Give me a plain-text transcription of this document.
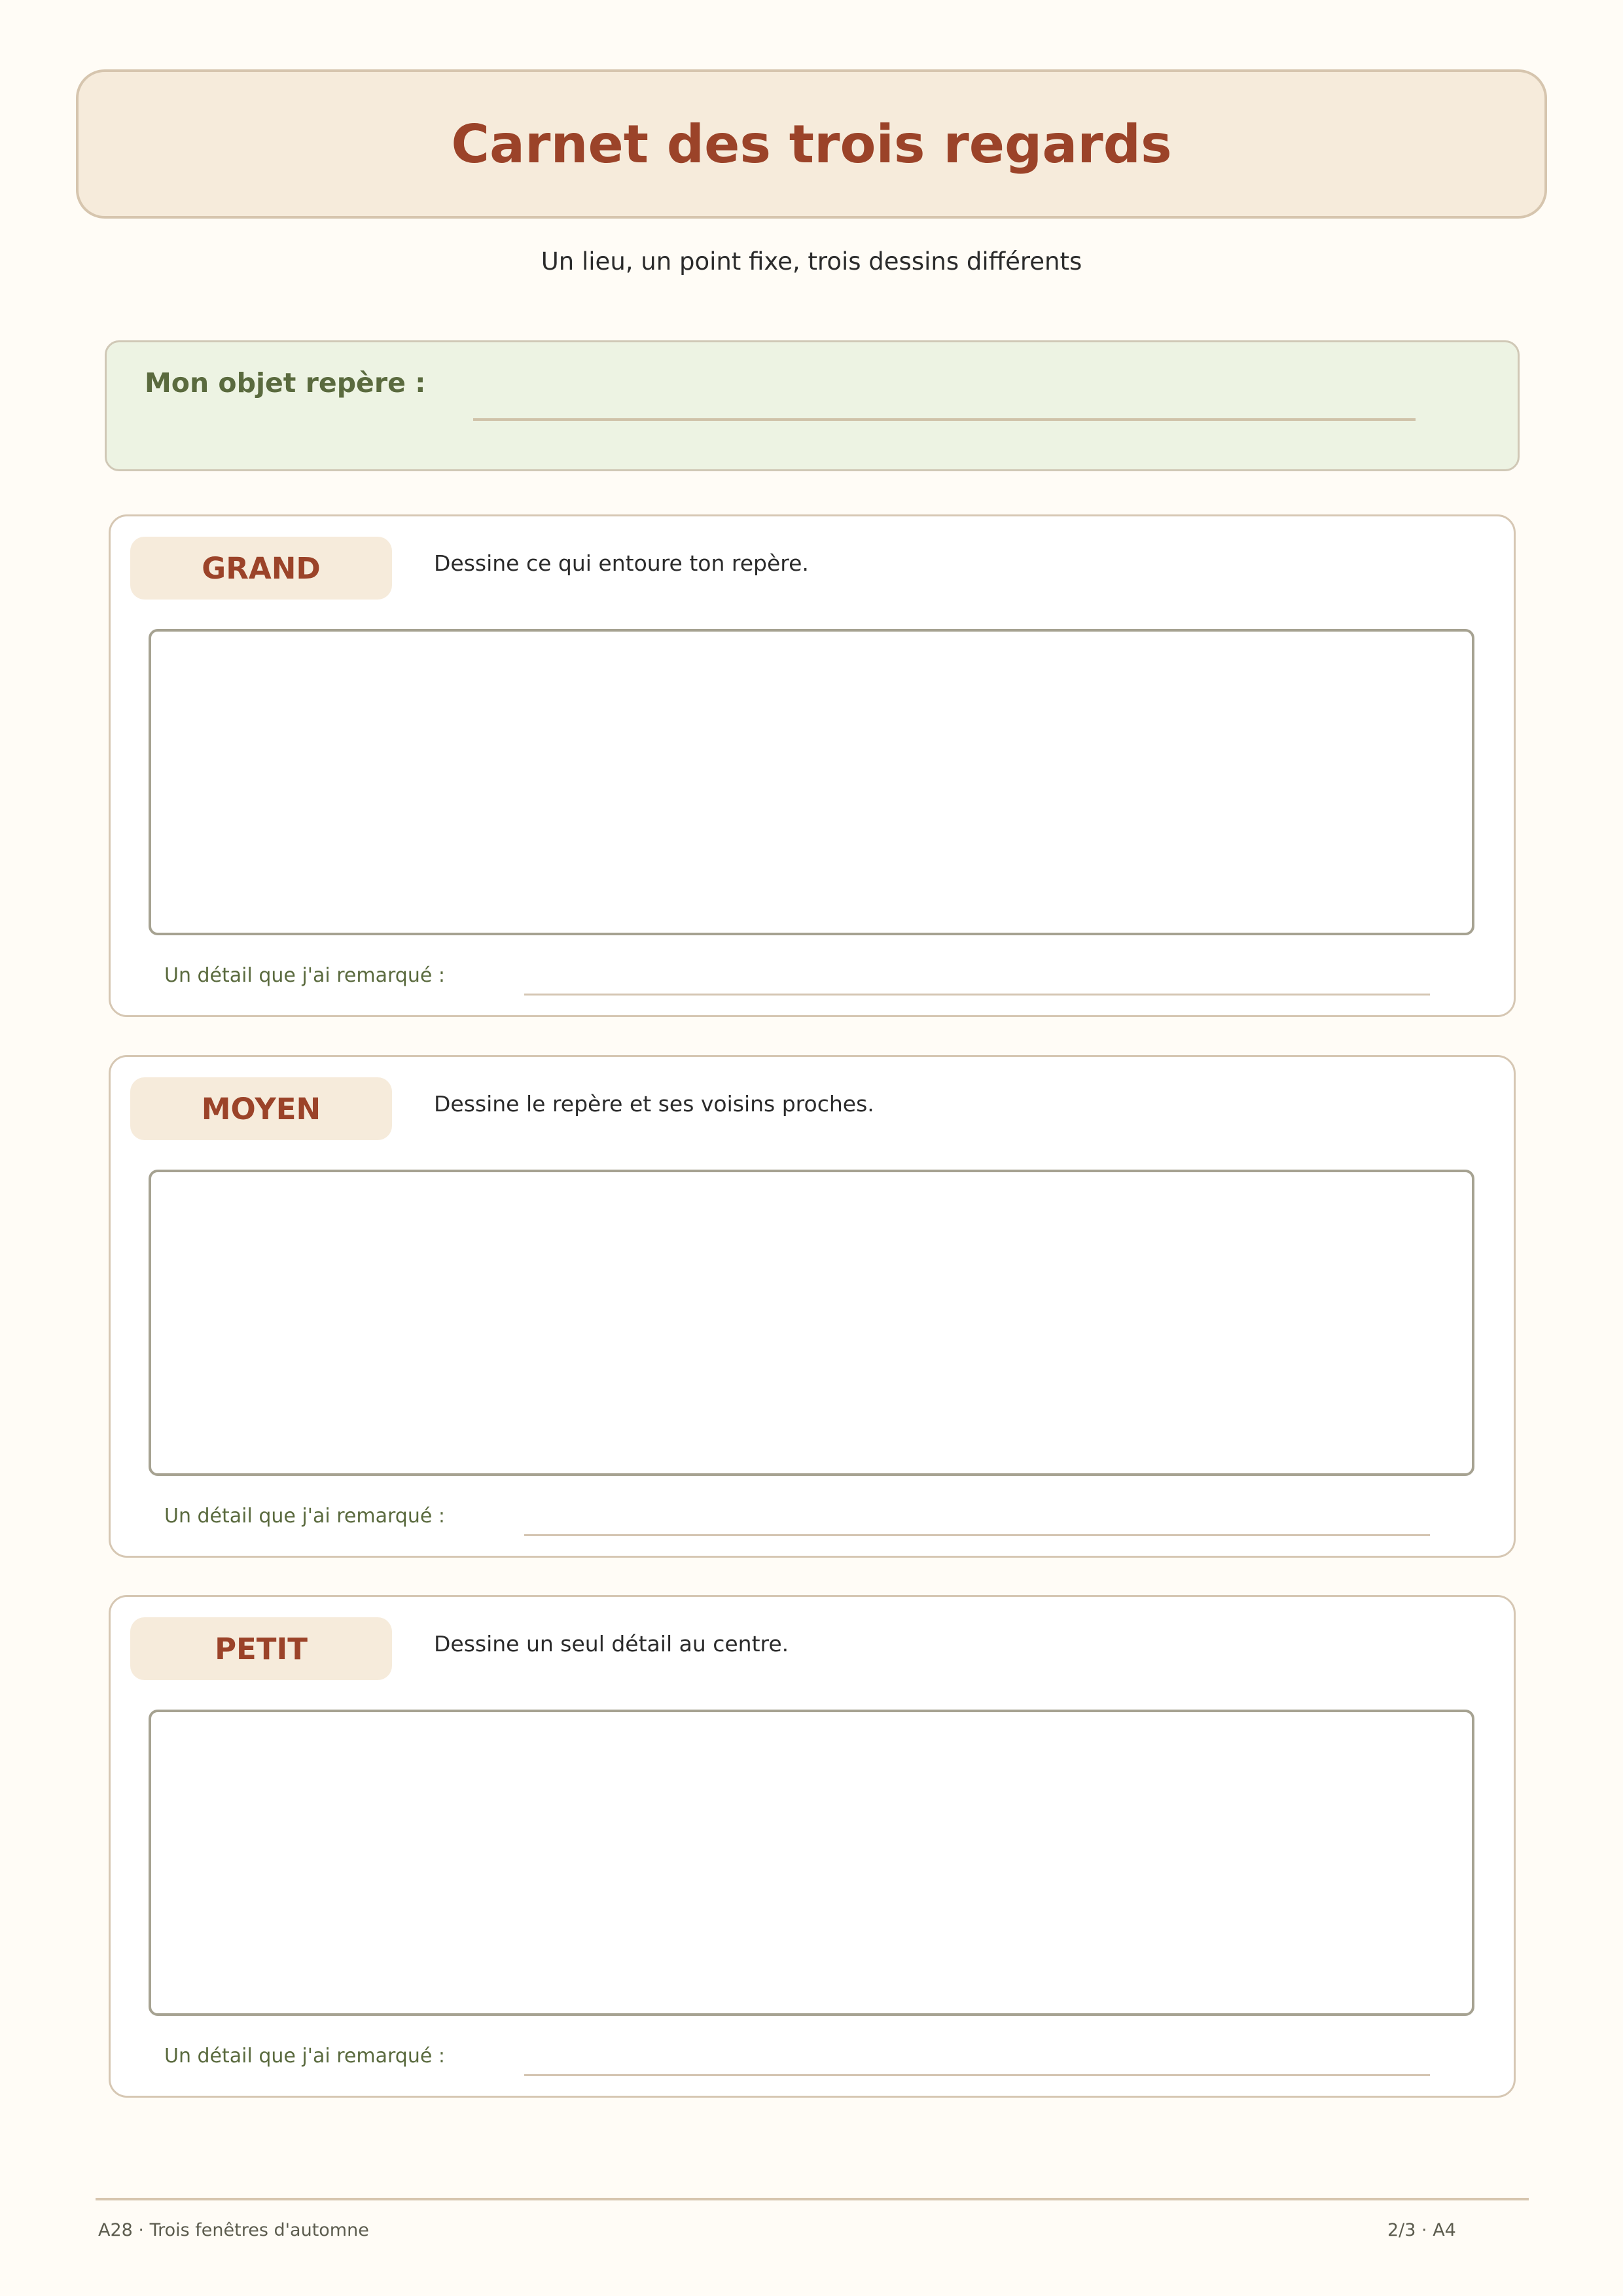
Carnet des trois regards
Un lieu, un point fixe, trois dessins différents
Mon objet repère :
GRAND	Dessine ce qui entoure ton repère.
Un détail que j'ai remarqué :
MOYEN	Dessine le repère et ses voisins proches.
Un détail que j'ai remarqué :
PETIT	Dessine un seul détail au centre.
Un détail que j'ai remarqué :
A28 · Trois fenêtres d'automne	2/3 · A4
